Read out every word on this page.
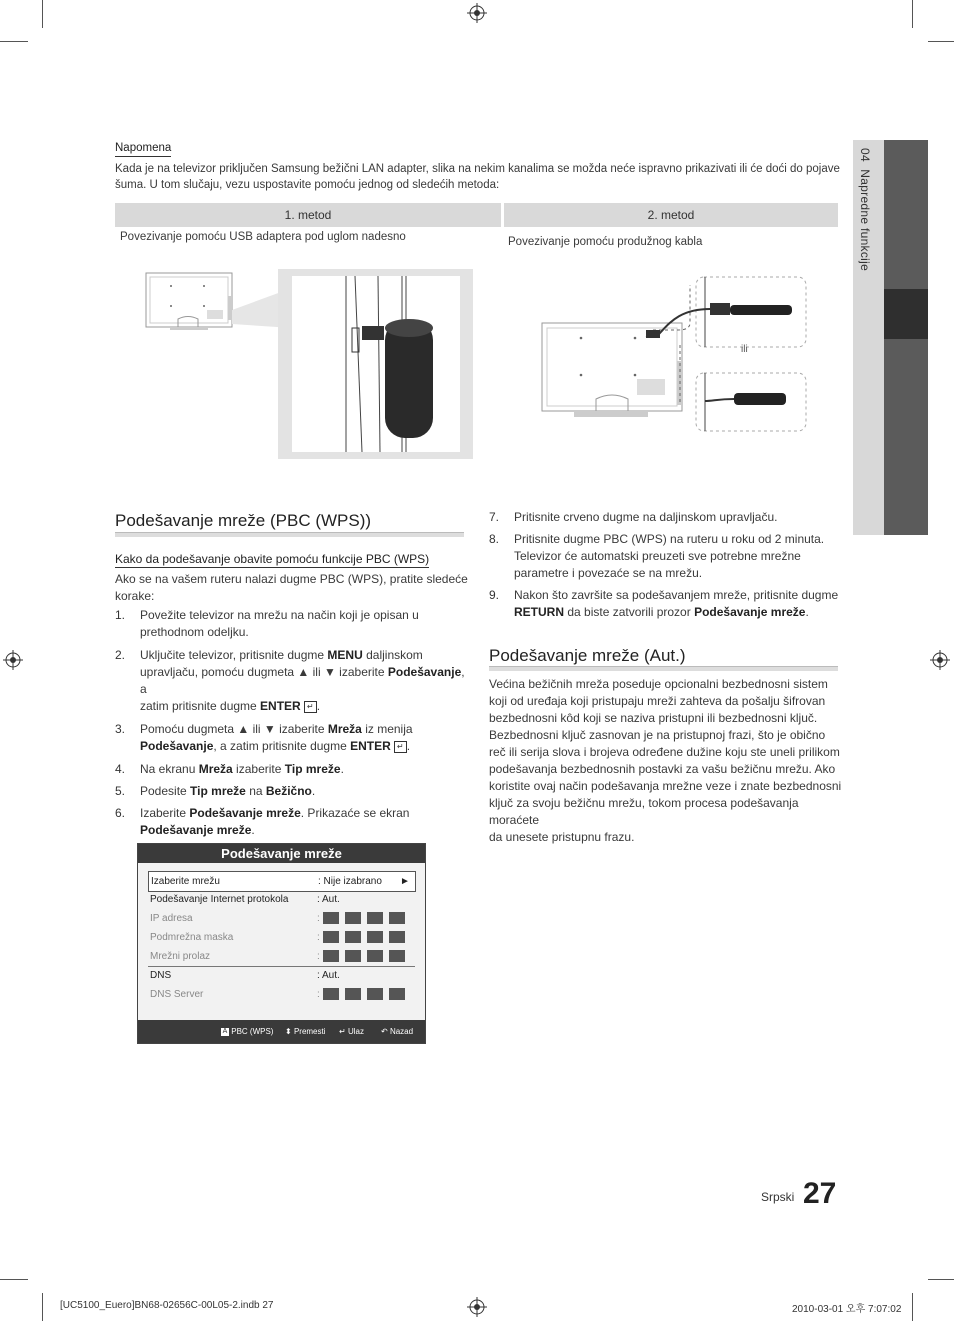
04  Napredne funkcije
Napomena
Kada je na televizor priključen Samsung bežični LAN adapter, slika na nekim kanalima se možda neće ispravno prikazivati ili će doći do pojave
šuma. U tom slučaju, vezu uspostavite pomoću jednog od sledećih metoda:
1. metod	2. metod
Povezivanje pomoću USB adaptera pod uglom nadesno	Povezivanje pomoću produžnog kabla
ili
Podešavanje mreže (PBC (WPS))
Kako da podešavanje obavite pomoću funkcije PBC (WPS)
Ako se na vašem ruteru nalazi dugme PBC (WPS), pratite sledeće
korake:
1. Povežite televizor na mrežu na način koji je opisan u
prethodnom odeljku.
2. Uključite televizor, pritisnite dugme MENU daljinskom
upravljaču, pomoću dugmeta ▲ ili ▼ izaberite Podešavanje, a
zatim pritisnite dugme ENTER ↵ .
3. Pomoću dugmeta ▲ ili ▼ izaberite Mreža iz menija
Podešavanje, a zatim pritisnite dugme ENTER ↵ .
4. Na ekranu Mreža izaberite Tip mreže.
5. Podesite Tip mreže na Bežično.
6. Izaberite Podešavanje mreže. Prikazaće se ekran
Podešavanje mreže.
Podešavanje mreže
Izaberite mrežu	: Nije izabrano ►
Podešavanje Internet protokola	: Aut.
IP adresa	:
Podmrežna maska	:
Mrežni prolaz	:
DNS	: Aut.
DNS Server	:
A PBC (WPS) ⬍ Premesti ↵ Ulaz ↶ Nazad
7. Pritisnite crveno dugme na daljinskom upravljaču.
8. Pritisnite dugme PBC (WPS) na ruteru u roku od 2 minuta.
Televizor će automatski preuzeti sve potrebne mrežne
parametre i povezaće se na mrežu.
9. Nakon što završite sa podešavanjem mreže, pritisnite dugme
RETURN da biste zatvorili prozor Podešavanje mreže.
Podešavanje mreže (Aut.)
Većina bežičnih mreža poseduje opcionalni bezbednosni sistem
koji od uređaja koji pristupaju mreži zahteva da pošalju šifrovan
bezbednosni kôd koji se naziva pristupni ili bezbednosni ključ.
Bezbednosni ključ zasnovan je na pristupnoj frazi, što je obično
reč ili serija slova i brojeva određene dužine koju ste uneli prilikom
podešavanja bezbednosnih postavki za vašu bežičnu mrežu. Ako
koristite ovaj način podešavanja mrežne veze i znate bezbednosni
ključ za svoju bežičnu mrežu, tokom procesa podešavanja moraćete
da unesete pristupnu frazu.
Srpski 27
[UC5100_Euero]BN68-02656C-00L05-2.indb 27	2010-03-01 오후 7:07:02
